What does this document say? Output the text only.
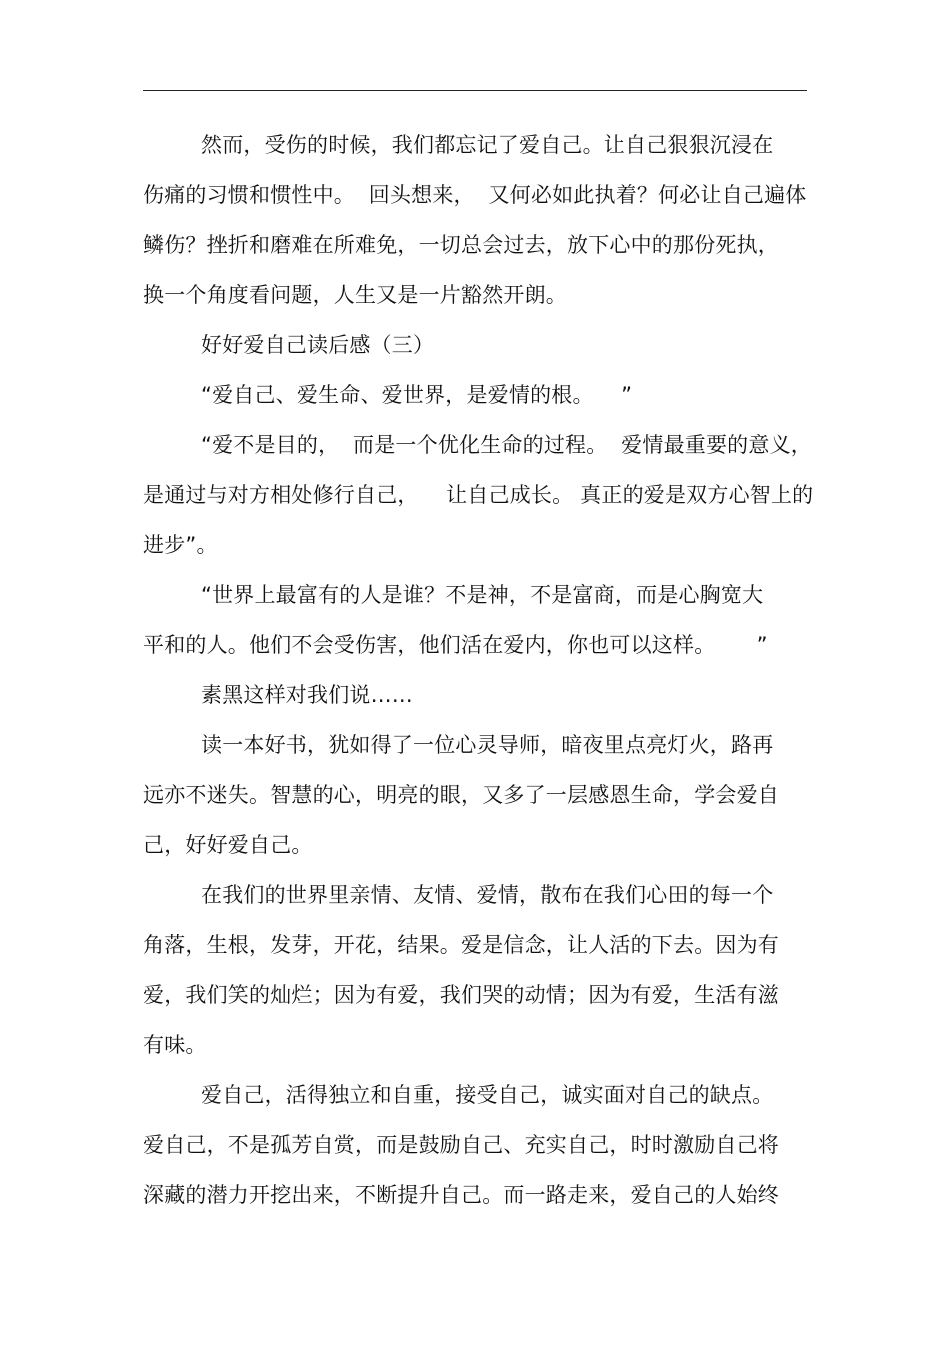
然而，受伤的时候，我们都忘记了爱自己。让自己狠狠沉浸在
伤痛的习惯和惯性中。  回头想来，  又何必如此执着？何必让自己遍体
鳞伤？挫折和磨难在所难免，一切总会过去，放下心中的那份死执，
换一个角度看问题，人生又是一片豁然开朗。
好好爱自己读后感（三）
“爱自己、爱生命、爱世界，是爱情的根。    ”
“爱不是目的，  而是一个优化生命的过程。  爱情最重要的意义，
是通过与对方相处修行自己，    让自己成长。 真正的爱是双方心智上的
进步”。
“世界上最富有的人是谁？不是神，不是富商，而是心胸宽大
平和的人。他们不会受伤害，他们活在爱内，你也可以这样。      ”
素黑这样对我们说……
读一本好书，犹如得了一位心灵导师，暗夜里点亮灯火，路再
远亦不迷失。智慧的心，明亮的眼，又多了一层感恩生命，学会爱自
己，好好爱自己。
在我们的世界里亲情、友情、爱情，散布在我们心田的每一个
角落，生根，发芽，开花，结果。爱是信念，让人活的下去。因为有
爱，我们笑的灿烂；因为有爱，我们哭的动情；因为有爱，生活有滋
有味。
爱自己，活得独立和自重，接受自己，诚实面对自己的缺点。
爱自己，不是孤芳自赏，而是鼓励自己、充实自己，时时激励自己将
深藏的潜力开挖出来，不断提升自己。而一路走来，爱自己的人始终
